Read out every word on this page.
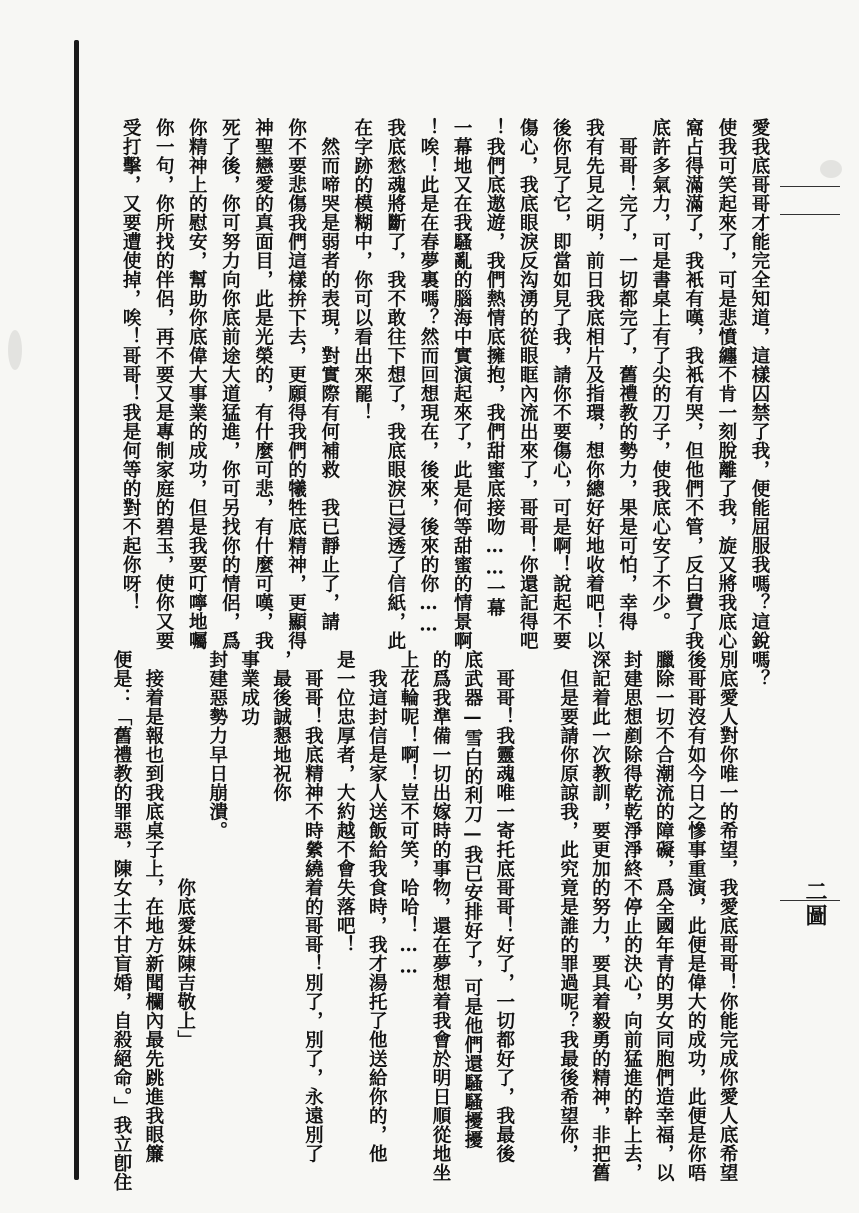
二圖
愛我底哥哥才能完全知道，這樣囚禁了我，便能屈服我嗎？這銳
使我可笑起來了，可是悲憤纏不肯一刻脫離了我，旋又將我底心
窩占得滿滿了，我衹有嘆，我衹有哭，但他們不管，反白費了我
底許多氣力，可是書桌上有了尖的刀子，使我底心安了不少。
　哥哥！完了，一切都完了，舊禮教的勢力，果是可怕，幸得
我有先見之明，前日我底相片及指環，想你總好好地收着吧！以
後你見了它，即當如見了我，請你不要傷心，可是啊！說起不要
傷心，我底眼淚反沟湧的從眼眶內流出來了，哥哥！你還記得吧
！我們底遨遊，我們熱情底擁抱，我們甜蜜底接吻……一幕
一幕地又在我騷亂的腦海中實演起來了，此是何等甜蜜的情景啊
！唉！此是在春夢裏嗎？然而回想現在，後來，後來的你……
我底愁魂將斷了，我不敢往下想了，我底眼淚已浸透了信紙，此
在字跡的模糊中，你可以看出來罷！
　然而啼哭是弱者的表現，對實際有何補救　我已靜止了，請
你不要悲傷我們這樣拚下去，更願得我們的犧牲底精神，更顯得
神聖戀愛的真面目，此是光榮的，有什麼可悲，有什麼可嘆，我
死了後，你可努力向你底前途大道猛進，你可另找你的情侶，爲
你精神上的慰安，幫助你底偉大事業的成功，但是我要叮嚀地囑
你一句，你所找的伴侶，再不要又是專制家庭的碧玉，使你又要
受打擊，又要遭使掉，唉！哥哥！我是何等的對不起你呀！
嗎？
別底愛人對你唯一的希望，我愛底哥哥！你能完成你愛人底希望
後哥哥沒有如今日之慘事重演，此便是偉大的成功，此便是你唔
臘除一切不合潮流的障礙，爲全國年青的男女同胞們造幸福，以
封建思想剷除得乾乾淨淨終不停止的決心，向前猛進的幹上去，
深記着此一次教訓，要更加的努力，要具着毅勇的精神，非把舊
　但是要請你原諒我，此究竟是誰的罪過呢？我最後希望你，
　哥哥！我靈魂唯一寄托底哥哥！好了，一切都好了，我最後
底武器—雪白的利刀—我已安排好了，可是他們還騷騷擾擾
的爲我準備一切出嫁時的事物，還在夢想着我會於明日順從地坐
上花輪呢！啊！豈不可笑，哈哈！……
　我這封信是家人送飯給我食時，我才湯托了他送給你的，他
是一位忠厚者，大約越不會失落吧！
　哥哥！我底精神不時縈繞着的哥哥！別了，別了，永遠別了
，最後誠懇地祝你
事業成功
封建惡勢力早日崩潰。
　　　　　　　　　　　　你底愛妹陳吉敬上」
　接着是報也到我底桌子上，在地方新聞欄內最先跳進我眼簾
便是：「舊禮教的罪惡，陳女士不甘盲婚，自殺絕命。」我立卽住
